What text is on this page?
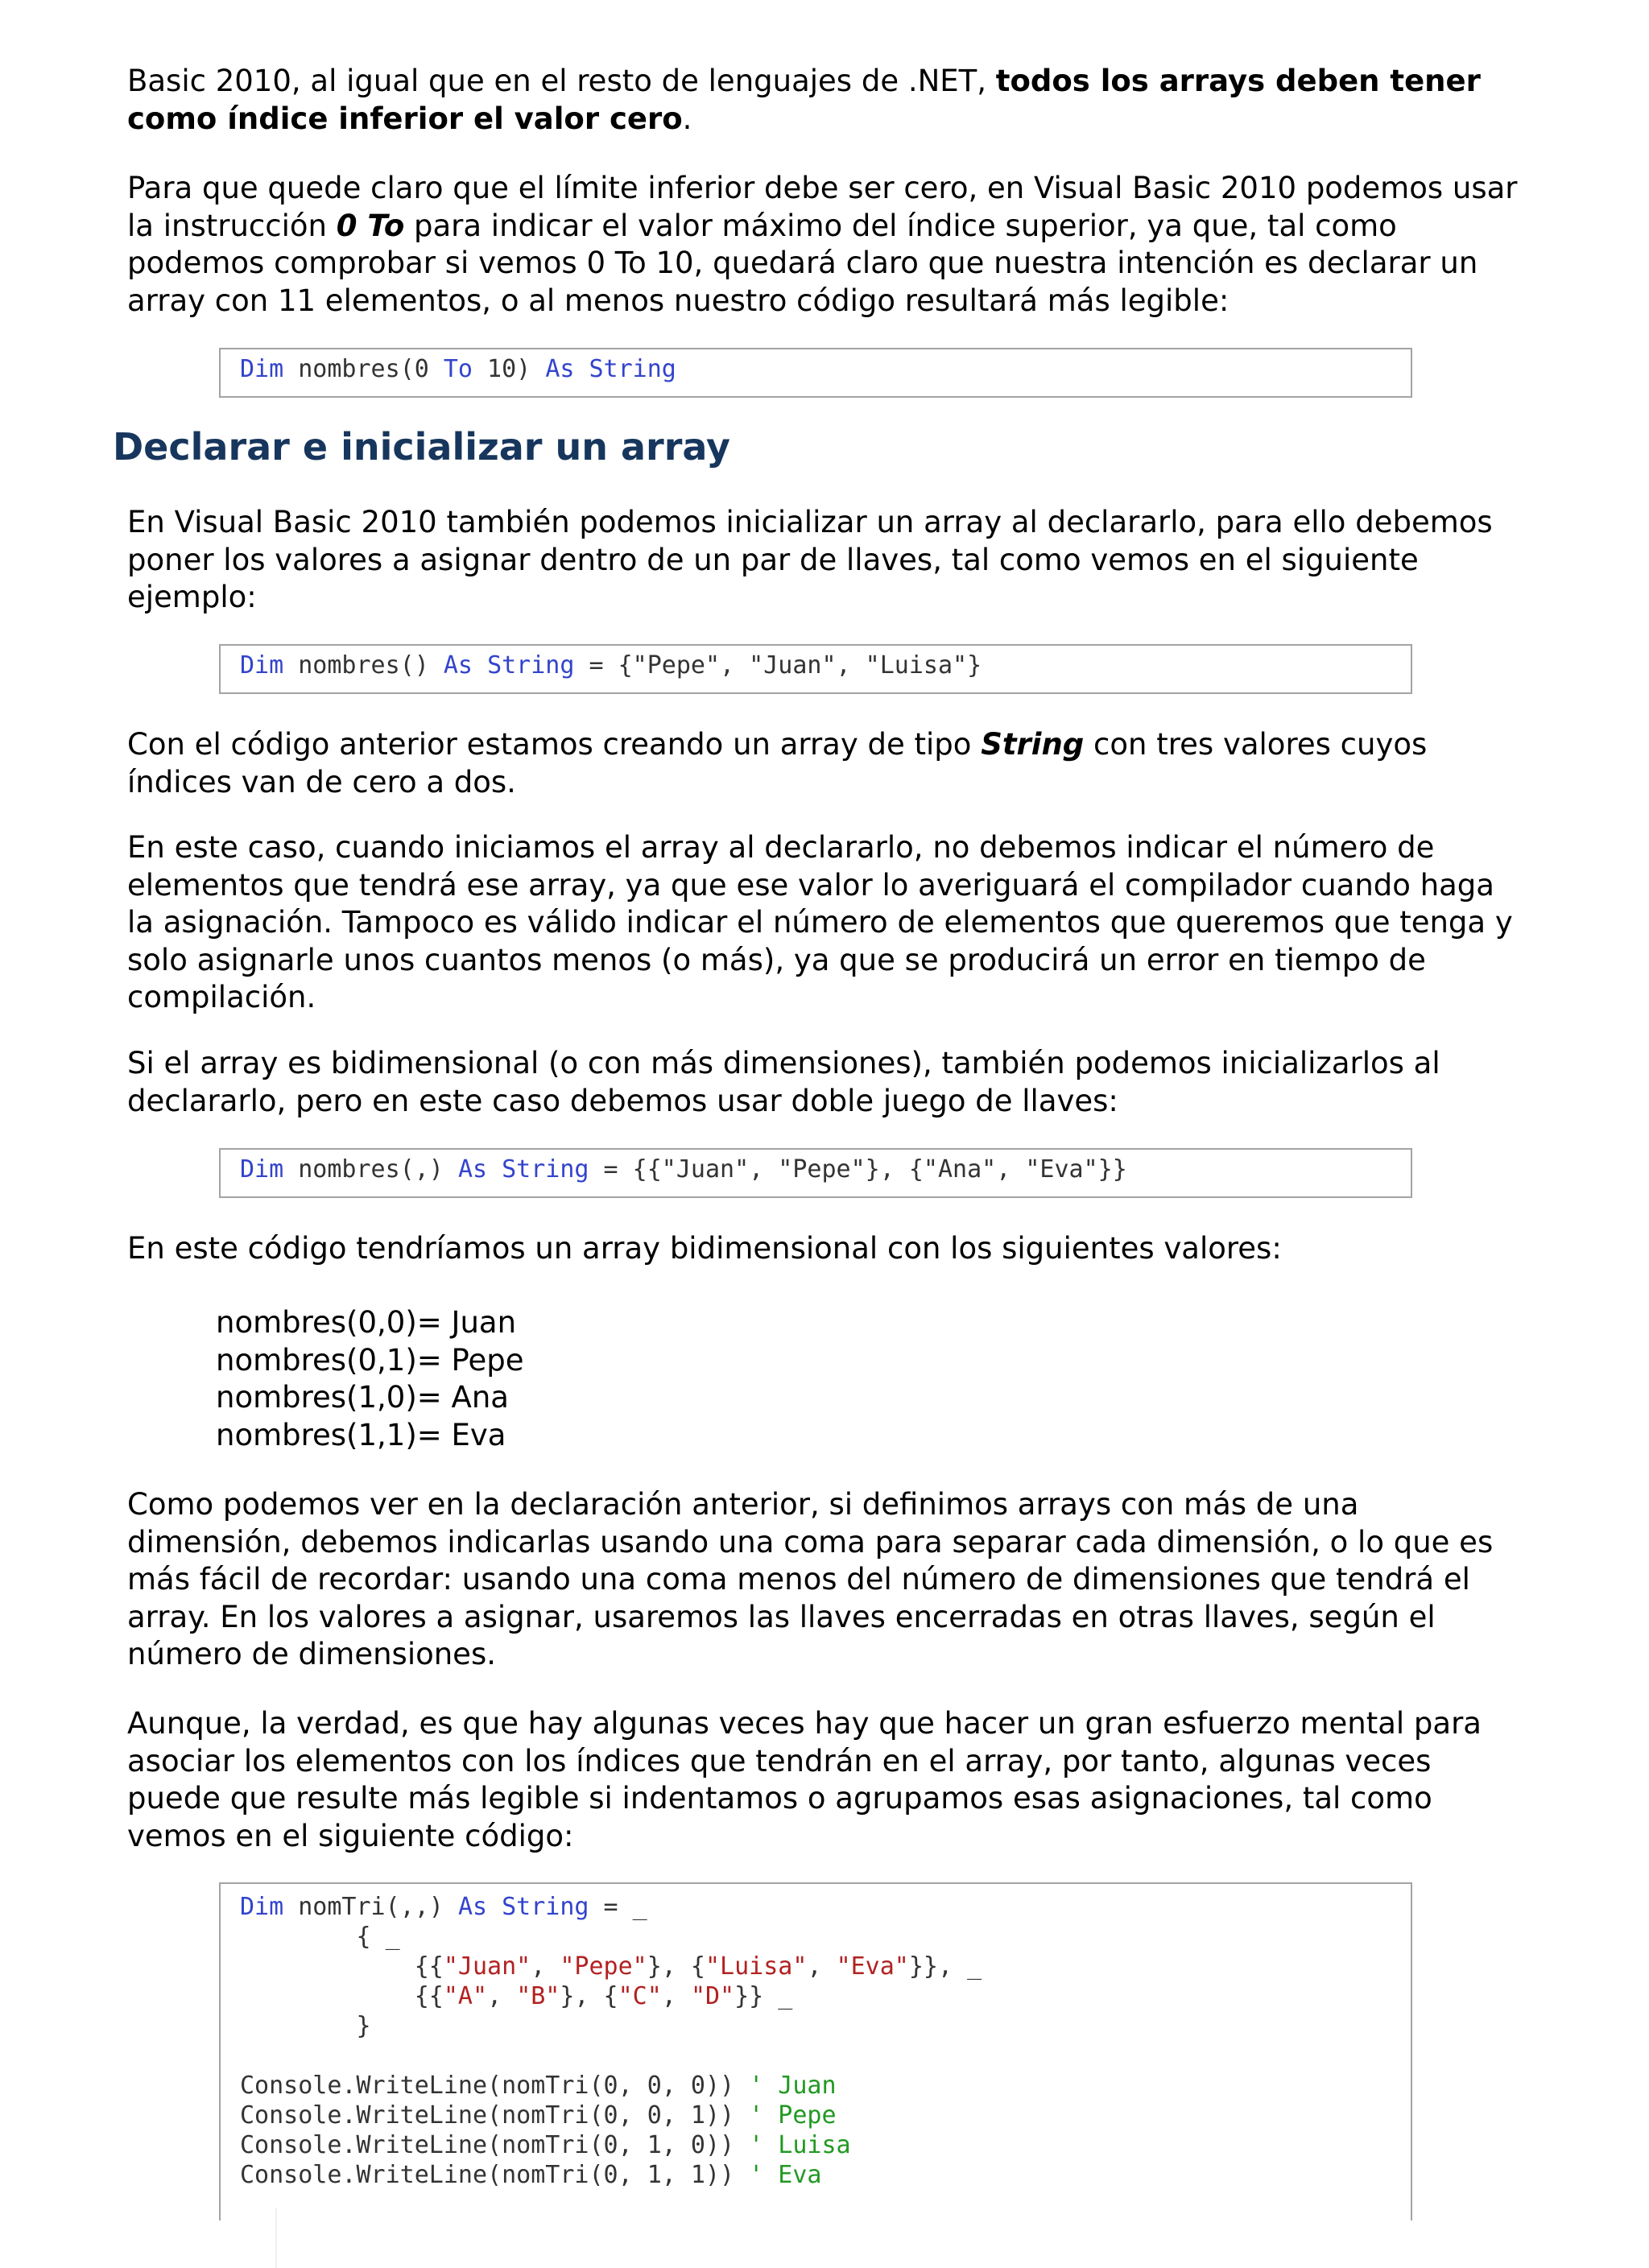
Basic 2010, al igual que en el resto de lenguajes de .NET, todos los arrays deben tener como índice inferior el valor cero.

Para que quede claro que el límite inferior debe ser cero, en Visual Basic 2010 podemos usar la instrucción 0 To para indicar el valor máximo del índice superior, ya que, tal como podemos comprobar si vemos 0 To 10, quedará claro que nuestra intención es declarar un array con 11 elementos, o al menos nuestro código resultará más legible:

Dim nombres(0 To 10) As String
Declarar e inicializar un array

En Visual Basic 2010 también podemos inicializar un array al declararlo, para ello debemos poner los valores a asignar dentro de un par de llaves, tal como vemos en el siguiente ejemplo:

Dim nombres() As String = {"Pepe", "Juan", "Luisa"}

Con el código anterior estamos creando un array de tipo String con tres valores cuyos índices van de cero a dos.

En este caso, cuando iniciamos el array al declararlo, no debemos indicar el número de elementos que tendrá ese array, ya que ese valor lo averiguará el compilador cuando haga la asignación. Tampoco es válido indicar el número de elementos que queremos que tenga y solo asignarle unos cuantos menos (o más), ya que se producirá un error en tiempo de compilación.

Si el array es bidimensional (o con más dimensiones), también podemos inicializarlos al declararlo, pero en este caso debemos usar doble juego de llaves:

Dim nombres(,) As String = {{"Juan", "Pepe"}, {"Ana", "Eva"}}

En este código tendríamos un array bidimensional con los siguientes valores:

nombres(0,0)= Juan
nombres(0,1)= Pepe
nombres(1,0)= Ana
nombres(1,1)= Eva

Como podemos ver en la declaración anterior, si definimos arrays con más de una dimensión, debemos indicarlas usando una coma para separar cada dimensión, o lo que es más fácil de recordar: usando una coma menos del número de dimensiones que tendrá el array. En los valores a asignar, usaremos las llaves encerradas en otras llaves, según el número de dimensiones.

Aunque, la verdad, es que hay algunas veces hay que hacer un gran esfuerzo mental para asociar los elementos con los índices que tendrán en el array, por tanto, algunas veces puede que resulte más legible si indentamos o agrupamos esas asignaciones, tal como vemos en el siguiente código:

Dim nomTri(,,) As String = _
{ _
{{"Juan", "Pepe"}, {"Luisa", "Eva"}}, _
{{"A", "B"}, {"C", "D"}} _
}
Console.WriteLine(nomTri(0, 0, 0)) ' Juan
Console.WriteLine(nomTri(0, 0, 1)) ' Pepe
Console.WriteLine(nomTri(0, 1, 0)) ' Luisa
Console.WriteLine(nomTri(0, 1, 1)) ' Eva
